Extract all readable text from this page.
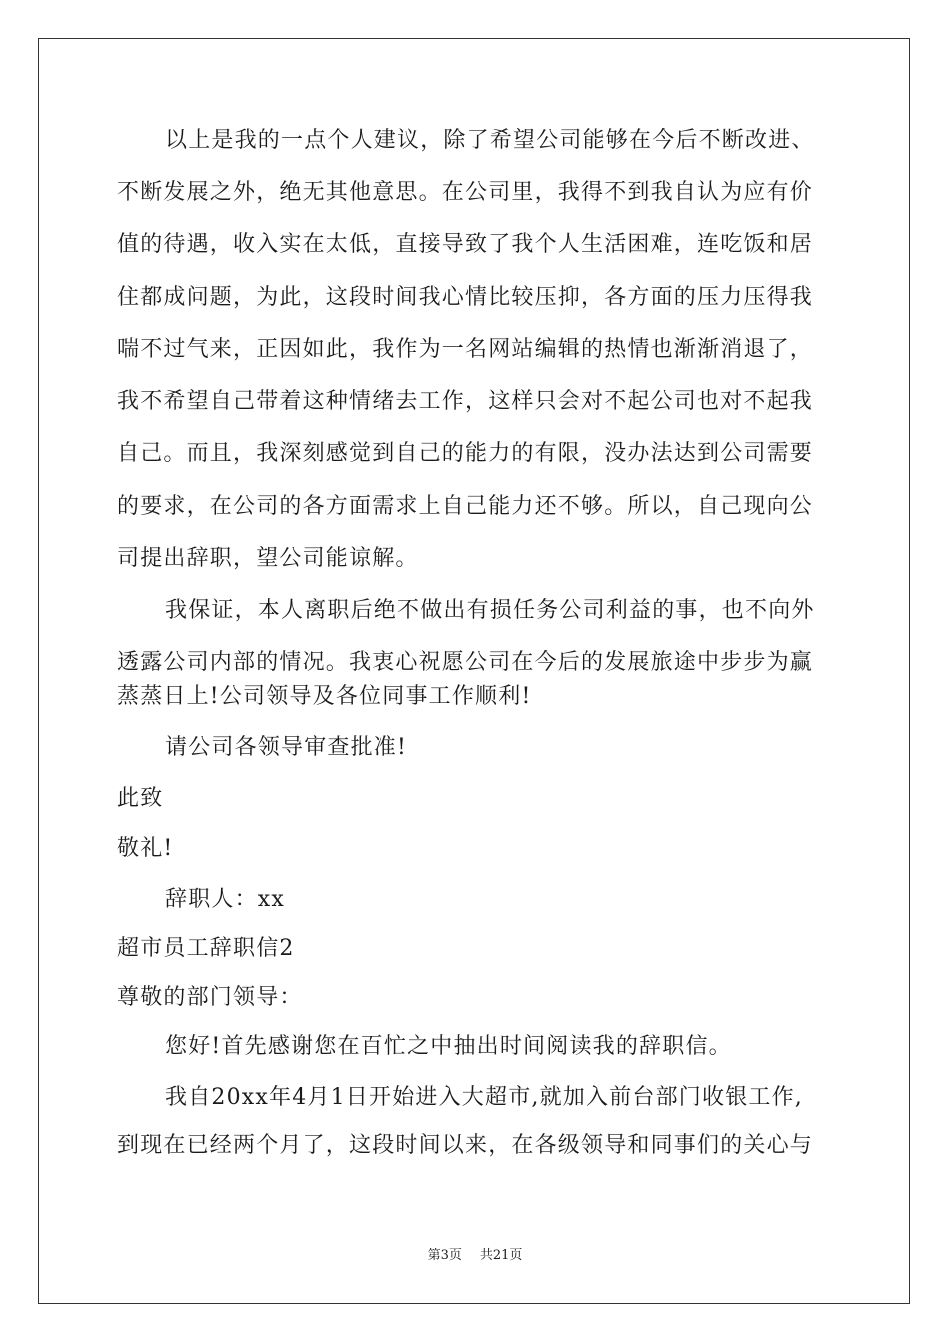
以上是我的一点个人建议，除了希望公司能够在今后不断改进、
不断发展之外，绝无其他意思。在公司里，我得不到我自认为应有价
值的待遇，收入实在太低，直接导致了我个人生活困难，连吃饭和居
住都成问题，为此，这段时间我心情比较压抑，各方面的压力压得我
喘不过气来，正因如此，我作为一名网站编辑的热情也渐渐消退了，
我不希望自己带着这种情绪去工作，这样只会对不起公司也对不起我
自己。而且，我深刻感觉到自己的能力的有限，没办法达到公司需要
的要求，在公司的各方面需求上自己能力还不够。所以，自己现向公
司提出辞职，望公司能谅解。
我保证，本人离职后绝不做出有损任务公司利益的事，也不向外
透露公司内部的情况。我衷心祝愿公司在今后的发展旅途中步步为赢
蒸蒸日上!公司领导及各位同事工作顺利!
请公司各领导审查批准!
此致
敬礼!
辞职人：xx
超市员工辞职信2
尊敬的部门领导：
您好!首先感谢您在百忙之中抽出时间阅读我的辞职信。
我自20xx年4月1日开始进入大超市,就加入前台部门收银工作,
到现在已经两个月了，这段时间以来，在各级领导和同事们的关心与
第3页 共21页
